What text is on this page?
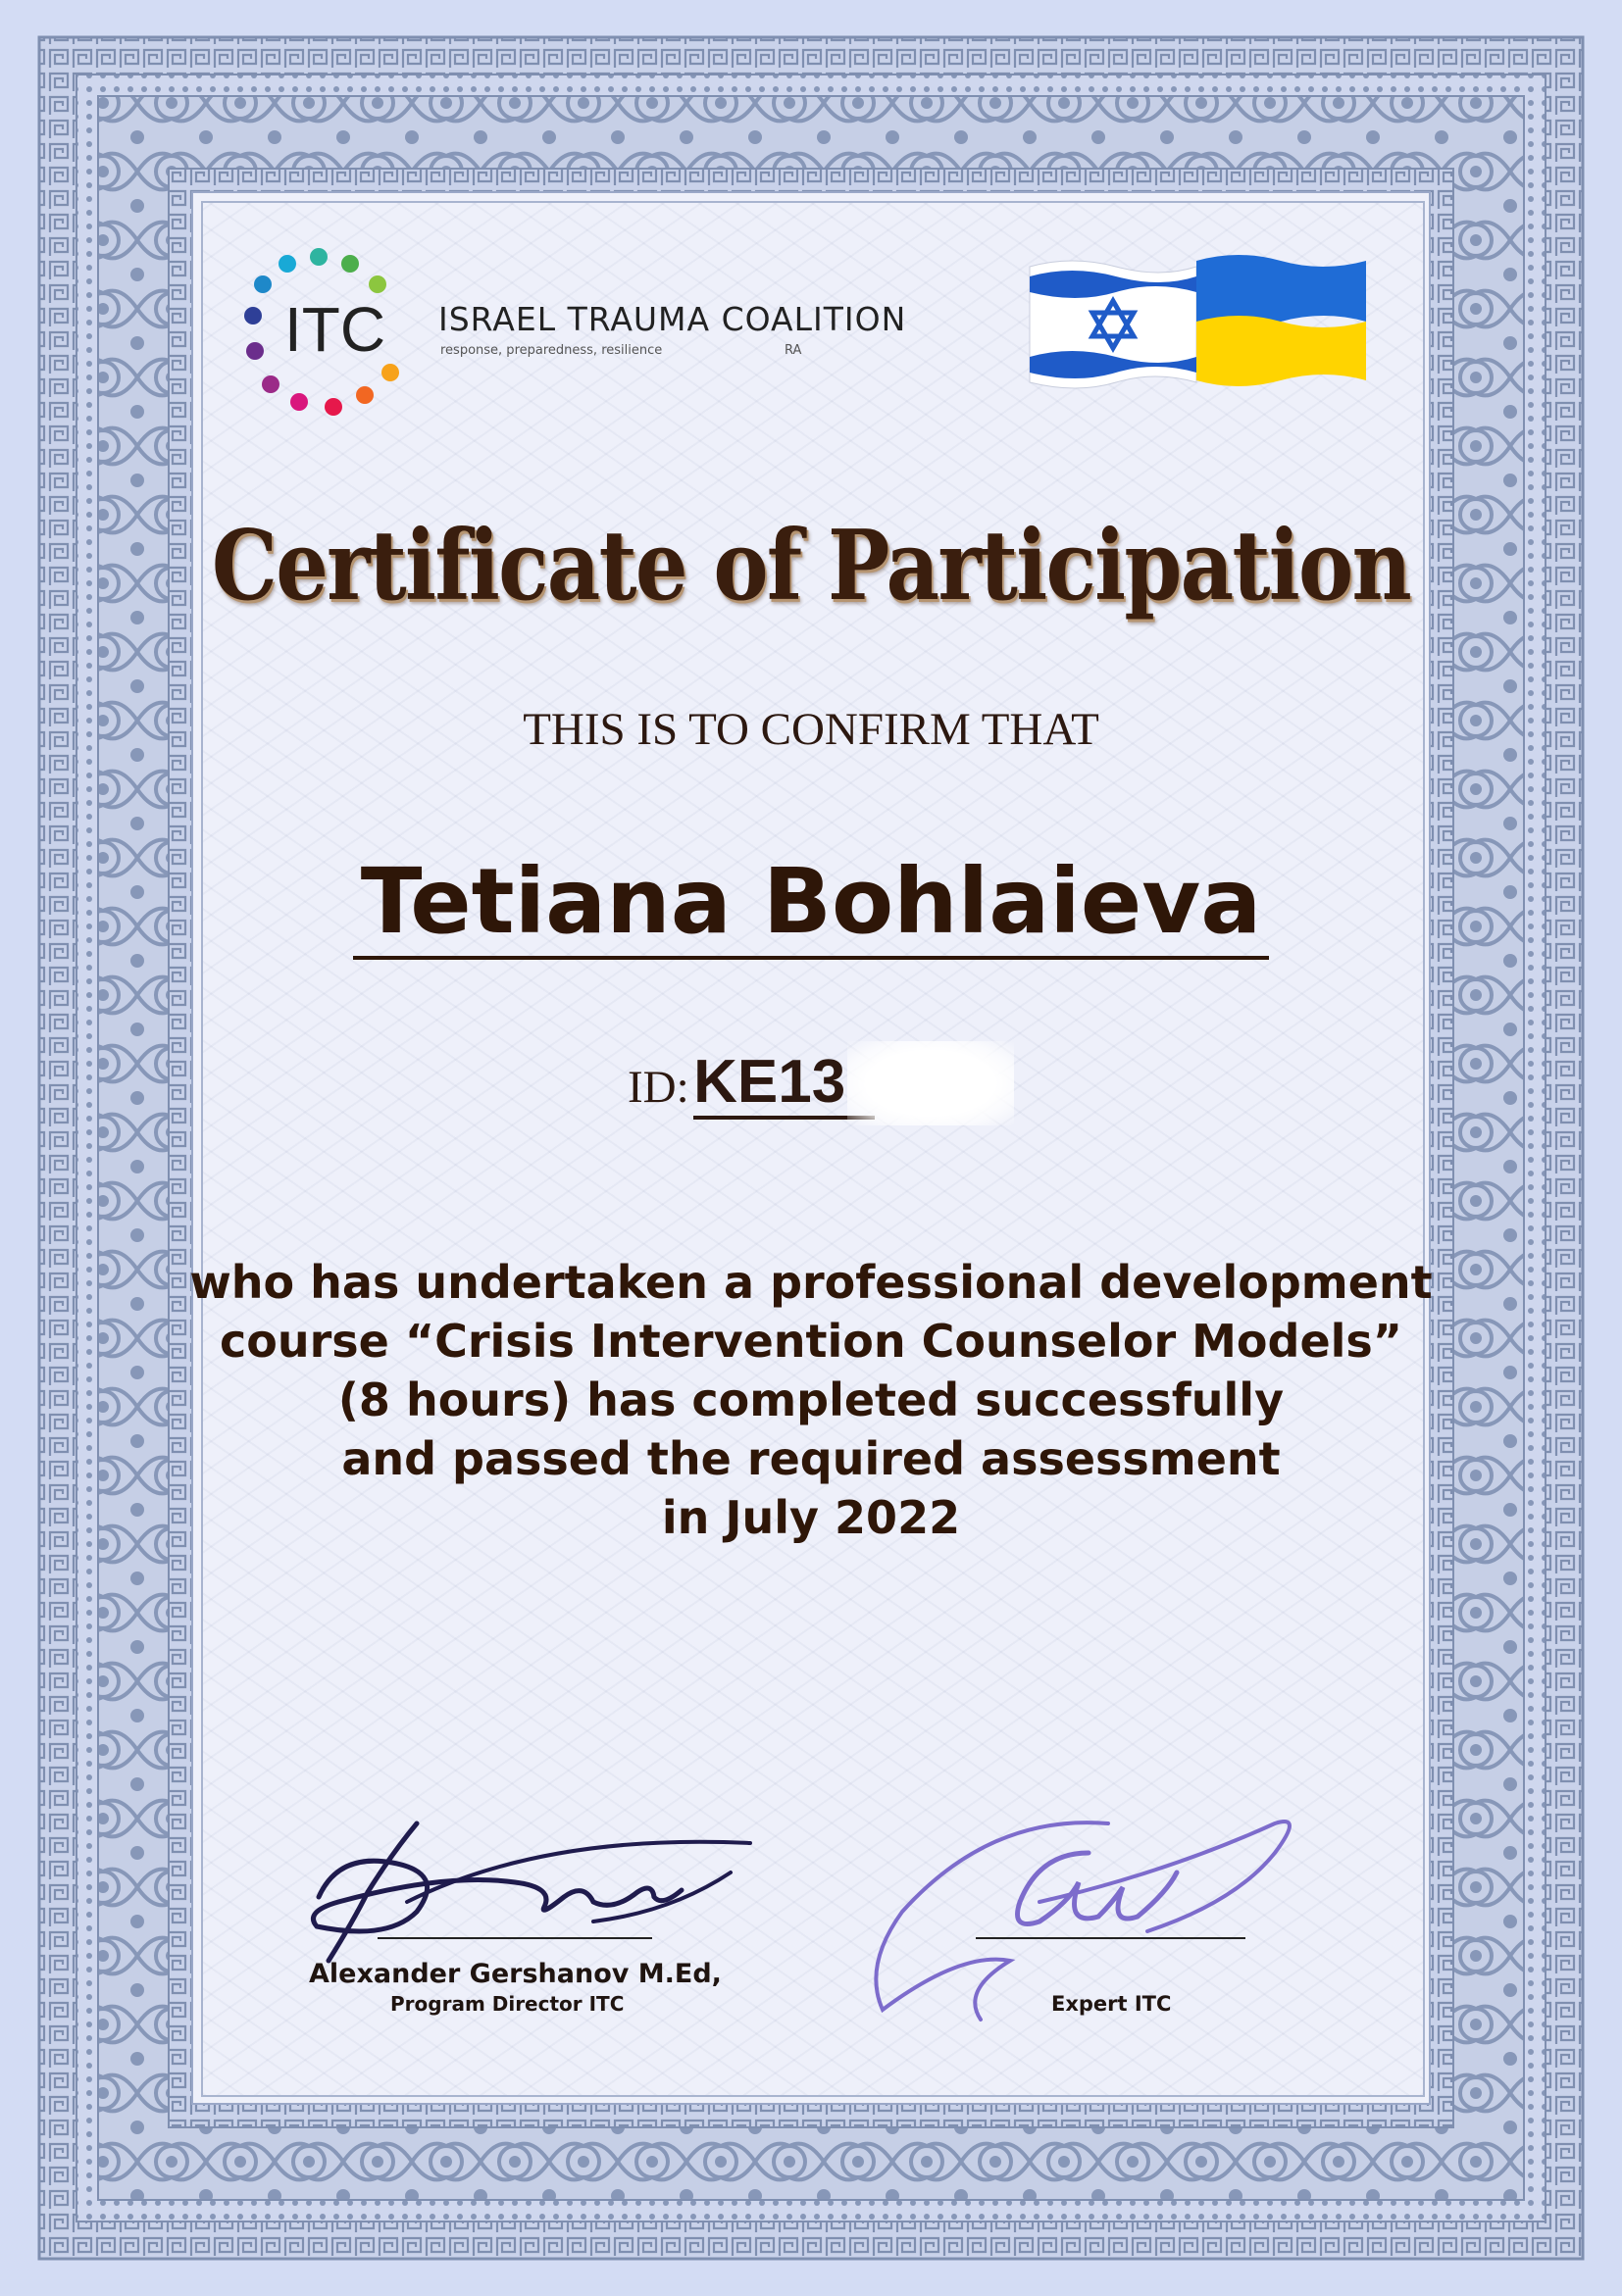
ITC ISRAEL TRAUMA COALITION
response, preparedness, resilience	RA
Certificate of Participation
THIS IS TO CONFIRM THAT
Tetiana Bohlaieva
ID: KE13
who has undertaken a professional development
course “Crisis Intervention Counselor Models”
(8 hours) has completed successfully
and passed the required assessment
in July 2022
Alexander Gershanov M.Ed,
Program Director ITC	Expert ITC
